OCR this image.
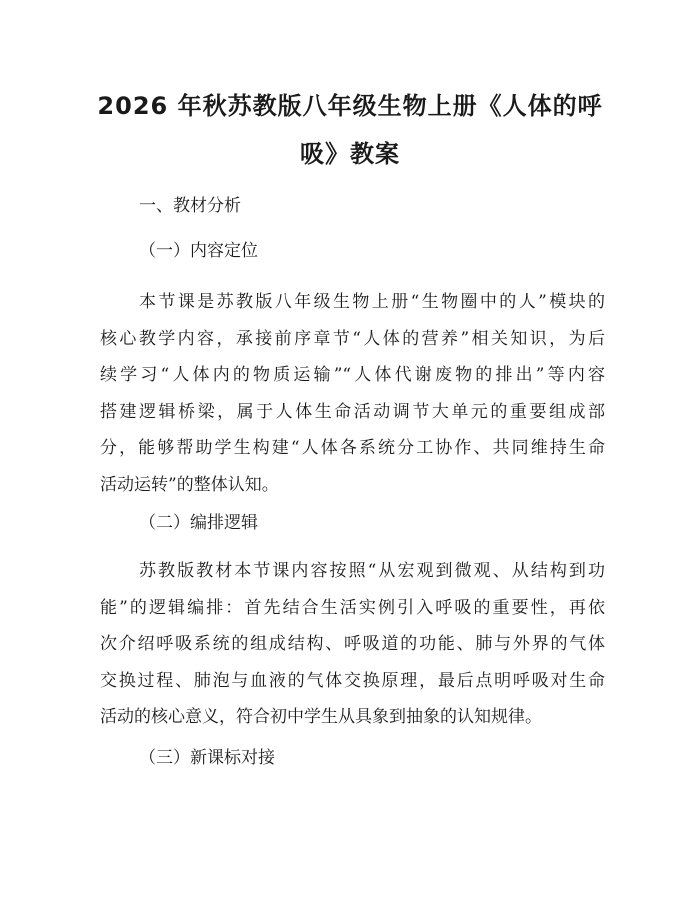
2026 年秋苏教版八年级生物上册《人体的呼
吸》教案
一、教材分析
（一）内容定位
本节课是苏教版八年级生物上册“生物圈中的人”模块的
核心教学内容，承接前序章节“人体的营养”相关知识，为后
续学习“人体内的物质运输”“人体代谢废物的排出”等内容
搭建逻辑桥梁，属于人体生命活动调节大单元的重要组成部
分，能够帮助学生构建“人体各系统分工协作、共同维持生命
活动运转”的整体认知。
（二）编排逻辑
苏教版教材本节课内容按照“从宏观到微观、从结构到功
能”的逻辑编排：首先结合生活实例引入呼吸的重要性，再依
次介绍呼吸系统的组成结构、呼吸道的功能、肺与外界的气体
交换过程、肺泡与血液的气体交换原理，最后点明呼吸对生命
活动的核心意义，符合初中学生从具象到抽象的认知规律。
（三）新课标对接
